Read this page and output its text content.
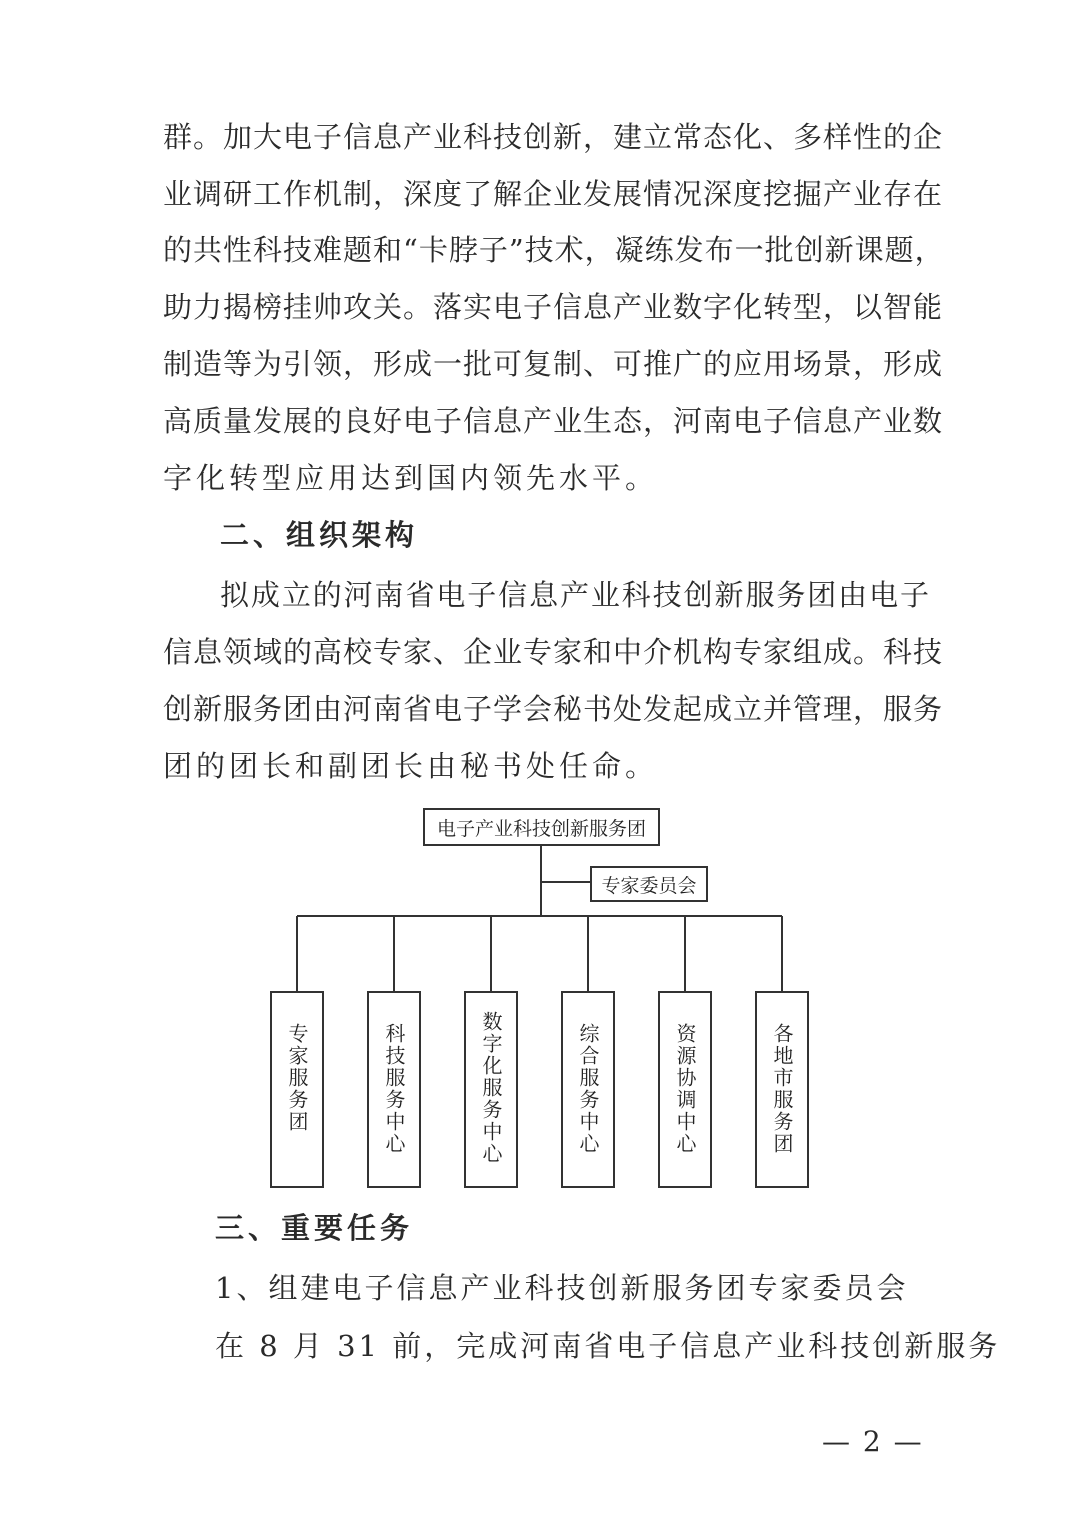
群。加大电子信息产业科技创新，建立常态化、多样性的企
业调研工作机制，深度了解企业发展情况深度挖掘产业存在
的共性科技难题和“卡脖子”技术，凝练发布一批创新课题，
助力揭榜挂帅攻关。落实电子信息产业数字化转型，以智能
制造等为引领，形成一批可复制、可推广的应用场景，形成
高质量发展的良好电子信息产业生态，河南电子信息产业数
字化转型应用达到国内领先水平。
二、组织架构
拟成立的河南省电子信息产业科技创新服务团由电子
信息领域的高校专家、企业专家和中介机构专家组成。科技
创新服务团由河南省电子学会秘书处发起成立并管理，服务
团的团长和副团长由秘书处任命。
电子产业科技创新服务团
专家委员会
专家服务团	科技服务中心	数字化服务中心	综合服务中心	资源协调中心	各地市服务团
三、重要任务
1、组建电子信息产业科技创新服务团专家委员会
在 8 月 31 前，完成河南省电子信息产业科技创新服务
— 2 —
